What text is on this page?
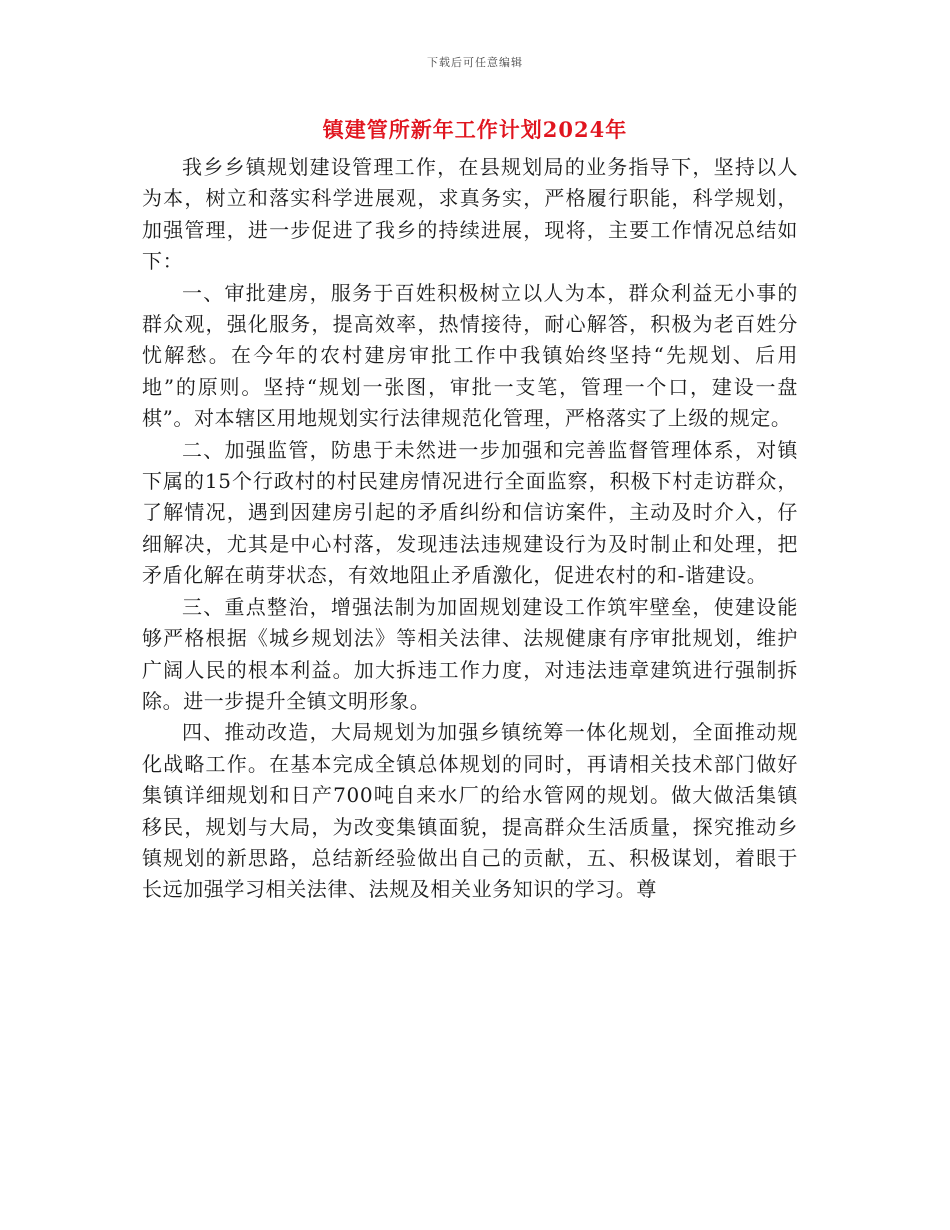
下载后可任意编辑
镇建管所新年工作计划2024年

我乡乡镇规划建设管理工作，在县规划局的业务指导下，坚持以人为本，树立和落实科学进展观，求真务实，严格履行职能，科学规划，加强管理，进一步促进了我乡的持续进展，现将，主要工作情况总结如下：

一、审批建房，服务于百姓积极树立以人为本，群众利益无小事的群众观，强化服务，提高效率，热情接待，耐心解答，积极为老百姓分忧解愁。在今年的农村建房审批工作中我镇始终坚持“先规划、后用地”的原则。坚持“规划一张图，审批一支笔，管理一个口，建设一盘棋”。对本辖区用地规划实行法律规范化管理，严格落实了上级的规定。

二、加强监管，防患于未然进一步加强和完善监督管理体系，对镇下属的15个行政村的村民建房情况进行全面监察，积极下村走访群众，了解情况，遇到因建房引起的矛盾纠纷和信访案件，主动及时介入，仔细解决，尤其是中心村落，发现违法违规建设行为及时制止和处理，把矛盾化解在萌芽状态，有效地阻止矛盾激化，促进农村的和-谐建设。

三、重点整治，增强法制为加固规划建设工作筑牢壁垒，使建设能够严格根据《城乡规划法》等相关法律、法规健康有序审批规划，维护广阔人民的根本利益。加大拆违工作力度，对违法违章建筑进行强制拆除。进一步提升全镇文明形象。

四、推动改造，大局规划为加强乡镇统筹一体化规划，全面推动规化战略工作。在基本完成全镇总体规划的同时，再请相关技术部门做好集镇详细规划和日产700吨自来水厂的给水管网的规划。做大做活集镇移民，规划与大局，为改变集镇面貌，提高群众生活质量，探究推动乡镇规划的新思路，总结新经验做出自己的贡献，五、积极谋划，着眼于长远加强学习相关法律、法规及相关业务知识的学习。尊
